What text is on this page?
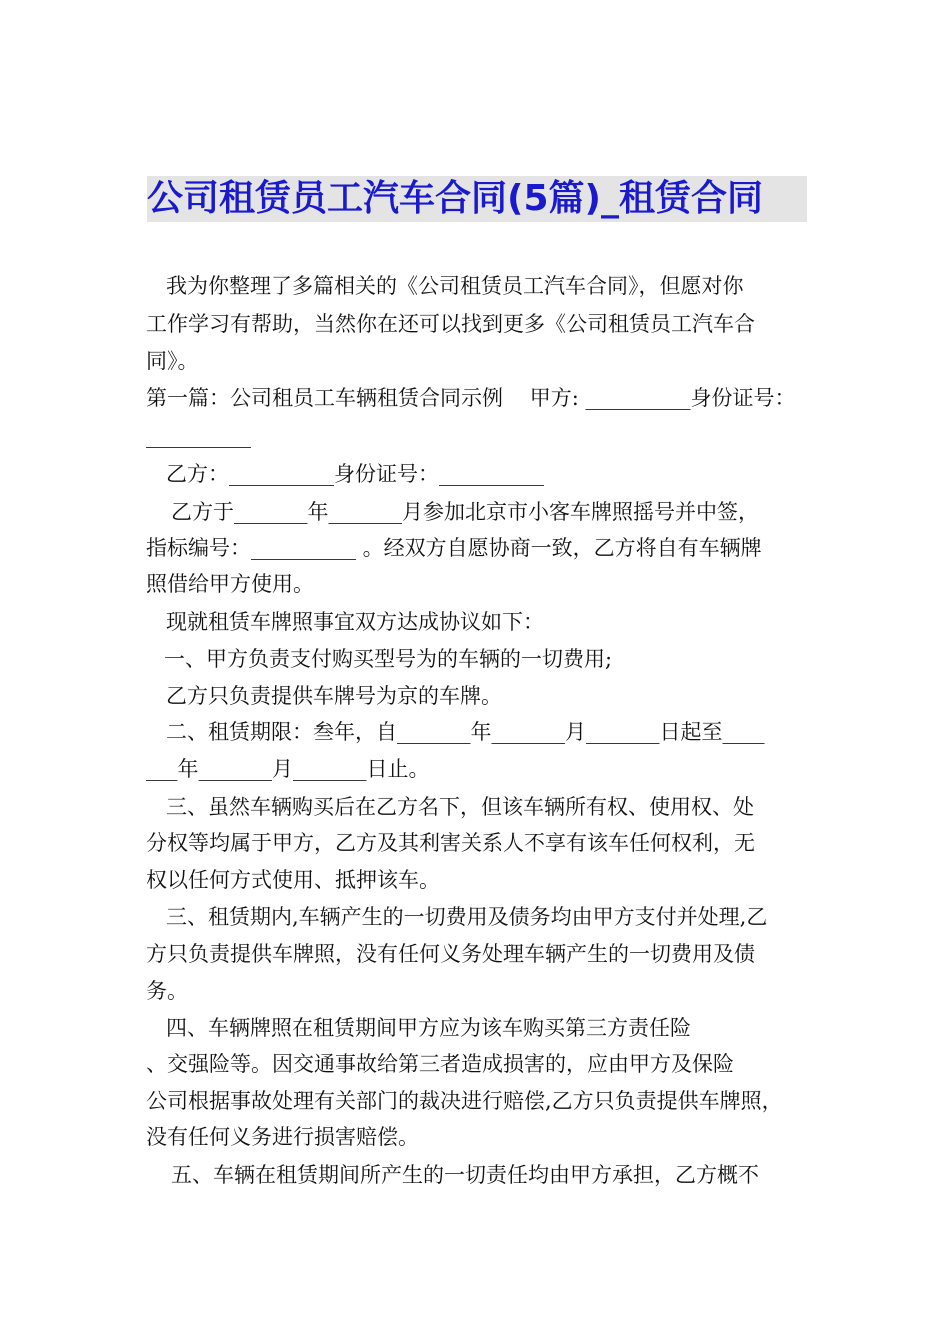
公司租赁员工汽车合同(5篇)_租赁合同
我为你整理了多篇相关的《公司租赁员工汽车合同》，但愿对你
工作学习有帮助，当然你在还可以找到更多《公司租赁员工汽车合
同》。
第一篇：公司租员工车辆租赁合同示例    甲方: __________身份证号：
__________
乙方：__________身份证号：__________
乙方于_______年_______月参加北京市小客车牌照摇号并中签，
指标编号：__________ 。经双方自愿协商一致，乙方将自有车辆牌
照借给甲方使用。
现就租赁车牌照事宜双方达成协议如下：
一、甲方负责支付购买型号为的车辆的一切费用;
乙方只负责提供车牌号为京的车牌。
二、租赁期限：叁年，自_______年_______月_______日起至____
___年_______月_______日止。
三、虽然车辆购买后在乙方名下，但该车辆所有权、使用权、处
分权等均属于甲方，乙方及其利害关系人不享有该车任何权利，无
权以任何方式使用、抵押该车。
三、租赁期内,车辆产生的一切费用及债务均由甲方支付并处理,乙
方只负责提供车牌照，没有任何义务处理车辆产生的一切费用及债
务。
四、车辆牌照在租赁期间甲方应为该车购买第三方责任险
、交强险等。因交通事故给第三者造成损害的，应由甲方及保险
公司根据事故处理有关部门的裁决进行赔偿,乙方只负责提供车牌照，
没有任何义务进行损害赔偿。
五、车辆在租赁期间所产生的一切责任均由甲方承担，乙方概不
